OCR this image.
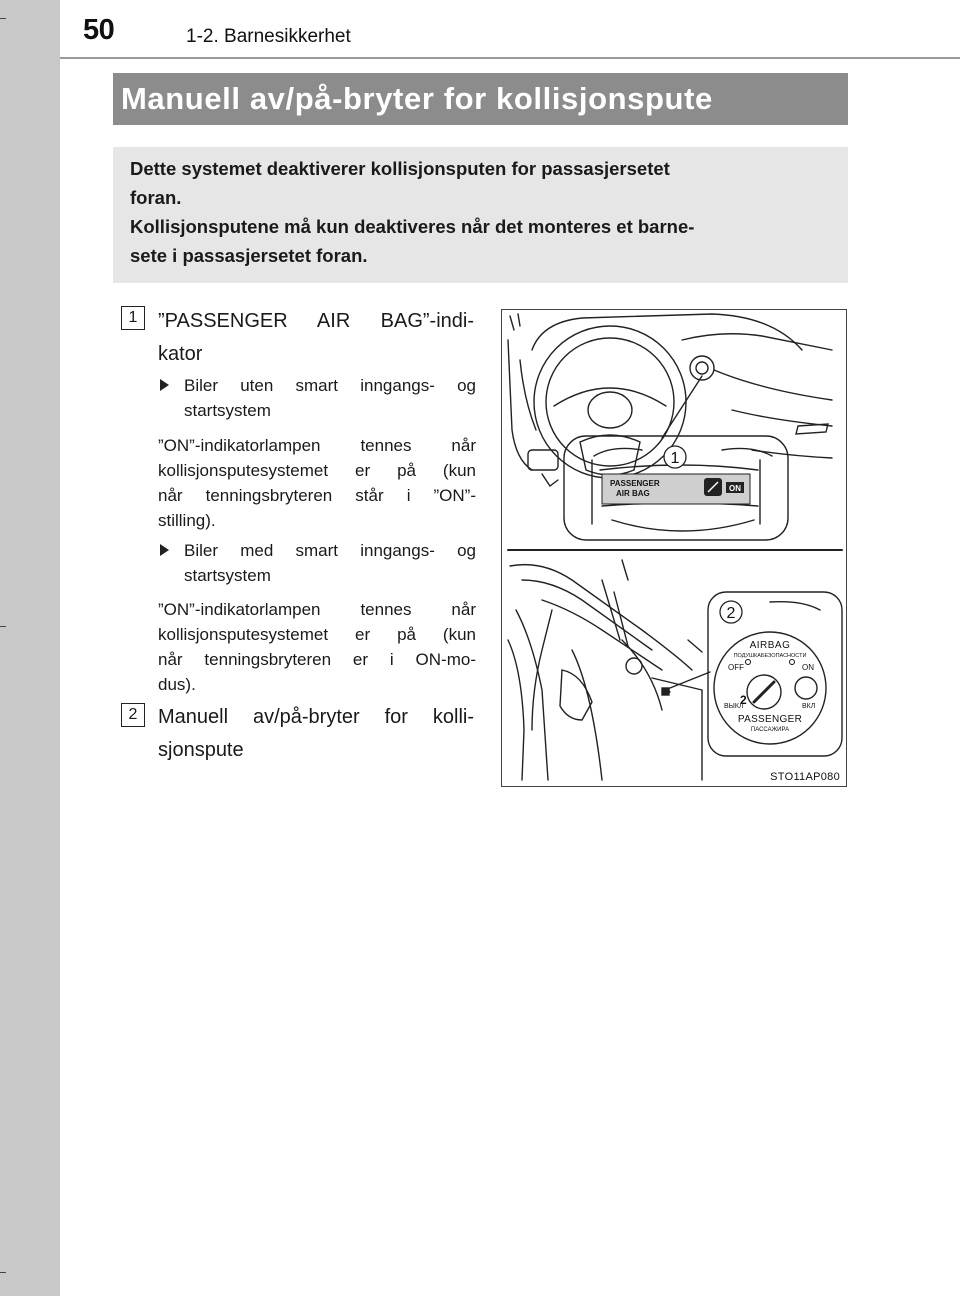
50	1-2. Barnesikkerhet
Manuell av/på-bryter for kollisjonspute
Dette systemet deaktiverer kollisjonsputen for passasjersetet
foran.
Kollisjonsputene må kun deaktiveres når det monteres et barne-
sete i passasjersetet foran.
1	”PASSENGER AIR BAG”-indi-
kator
Biler uten smart inngangs- og
startsystem
”ON”-indikatorlampen tennes når
kollisjonsputesystemet er på (kun
når tenningsbryteren står i ”ON”-
stilling).
Biler med smart inngangs- og
startsystem
”ON”-indikatorlampen tennes når
kollisjonsputesystemet er på (kun
når tenningsbryteren er i ON-mo-
dus).
2	Manuell av/på-bryter for kolli-
sjonspute
1
2
PASSENGER
AIR BAG
ON
AIRBAG
ПОДУШКАБЕЗОПАСНОСТИ
OFF	ON
2
ВЫКЛ	ВКЛ
PASSENGER
ПАССАЖИРА
STO11AP080
